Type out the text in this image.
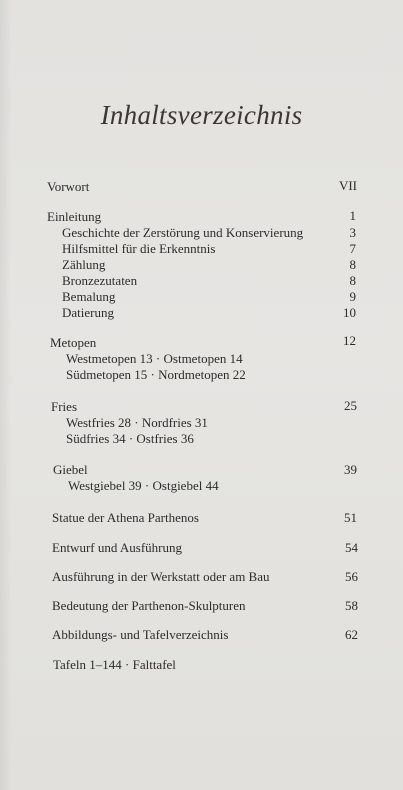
Inhaltsverzeichnis
Vorwort	VII
Einleitung	1
Geschichte der Zerstörung und Konservierung	3
Hilfsmittel für die Erkenntnis	7
Zählung	8
Bronzezutaten	8
Bemalung	9
Datierung	10
Metopen	12
Westmetopen 13 · Ostmetopen 14
Südmetopen 15 · Nordmetopen 22
Fries	25
Westfries 28 · Nordfries 31
Südfries 34 · Ostfries 36
Giebel	39
Westgiebel 39 · Ostgiebel 44
Statue der Athena Parthenos	51
Entwurf und Ausführung	54
Ausführung in der Werkstatt oder am Bau	56
Bedeutung der Parthenon-Skulpturen	58
Abbildungs- und Tafelverzeichnis	62
Tafeln 1–144 · Falttafel
